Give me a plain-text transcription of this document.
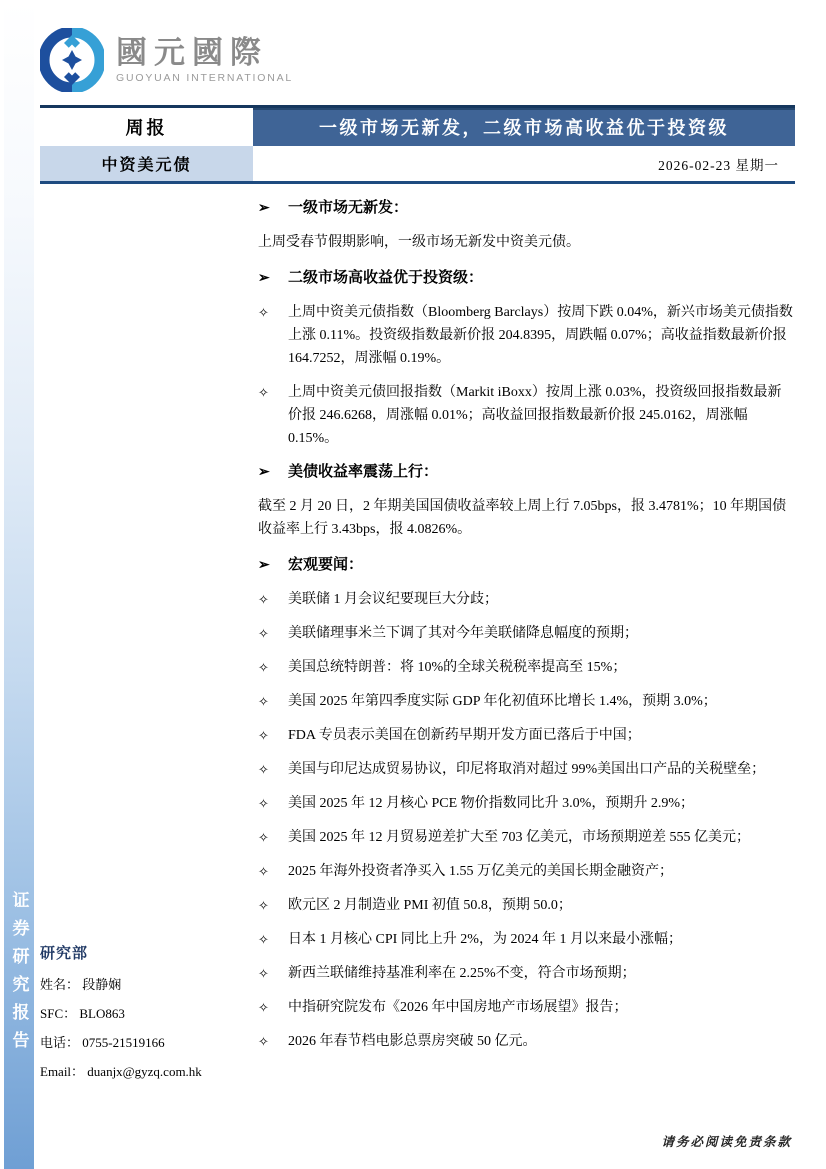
证券研究报告
國元國際
GUOYUAN INTERNATIONAL
周报	一级市场无新发，二级市场高收益优于投资级
中资美元债	2026-02-23 星期一
➢	一级市场无新发：
上周受春节假期影响，一级市场无新发中资美元债。
➢	二级市场高收益优于投资级：
✧	上周中资美元债指数（Bloomberg Barclays）按周下跌 0.04%，新兴市场美元债指数上涨 0.11%。投资级指数最新价报 204.8395，周跌幅 0.07%；高收益指数最新价报 164.7252，周涨幅 0.19%。
✧	上周中资美元债回报指数（Markit iBoxx）按周上涨 0.03%，投资级回报指数最新价报 246.6268，周涨幅 0.01%；高收益回报指数最新价报 245.0162，周涨幅 0.15%。
➢	美债收益率震荡上行：
截至 2 月 20 日，2 年期美国国债收益率较上周上行 7.05bps，报 3.4781%；10 年期国债收益率上行 3.43bps，报 4.0826%。
➢	宏观要闻：
✧	美联储 1 月会议纪要现巨大分歧；
✧	美联储理事米兰下调了其对今年美联储降息幅度的预期；
✧	美国总统特朗普：将 10%的全球关税税率提高至 15%；
✧	美国 2025 年第四季度实际 GDP 年化初值环比增长 1.4%，预期 3.0%；
✧	FDA 专员表示美国在创新药早期开发方面已落后于中国；
✧	美国与印尼达成贸易协议，印尼将取消对超过 99%美国出口产品的关税壁垒；
✧	美国 2025 年 12 月核心 PCE 物价指数同比升 3.0%，预期升 2.9%；
✧	美国 2025 年 12 月贸易逆差扩大至 703 亿美元，市场预期逆差 555 亿美元；
✧	2025 年海外投资者净买入 1.55 万亿美元的美国长期金融资产；
✧	欧元区 2 月制造业 PMI 初值 50.8，预期 50.0；
✧	日本 1 月核心 CPI 同比上升 2%，为 2024 年 1 月以来最小涨幅；
✧	新西兰联储维持基准利率在 2.25%不变，符合市场预期；
✧	中指研究院发布《2026 年中国房地产市场展望》报告；
✧	2026 年春节档电影总票房突破 50 亿元。
研究部
姓名： 段静娴
SFC： BLO863
电话： 0755-21519166
Email： duanjx@gyzq.com.hk
请务必阅读免责条款
